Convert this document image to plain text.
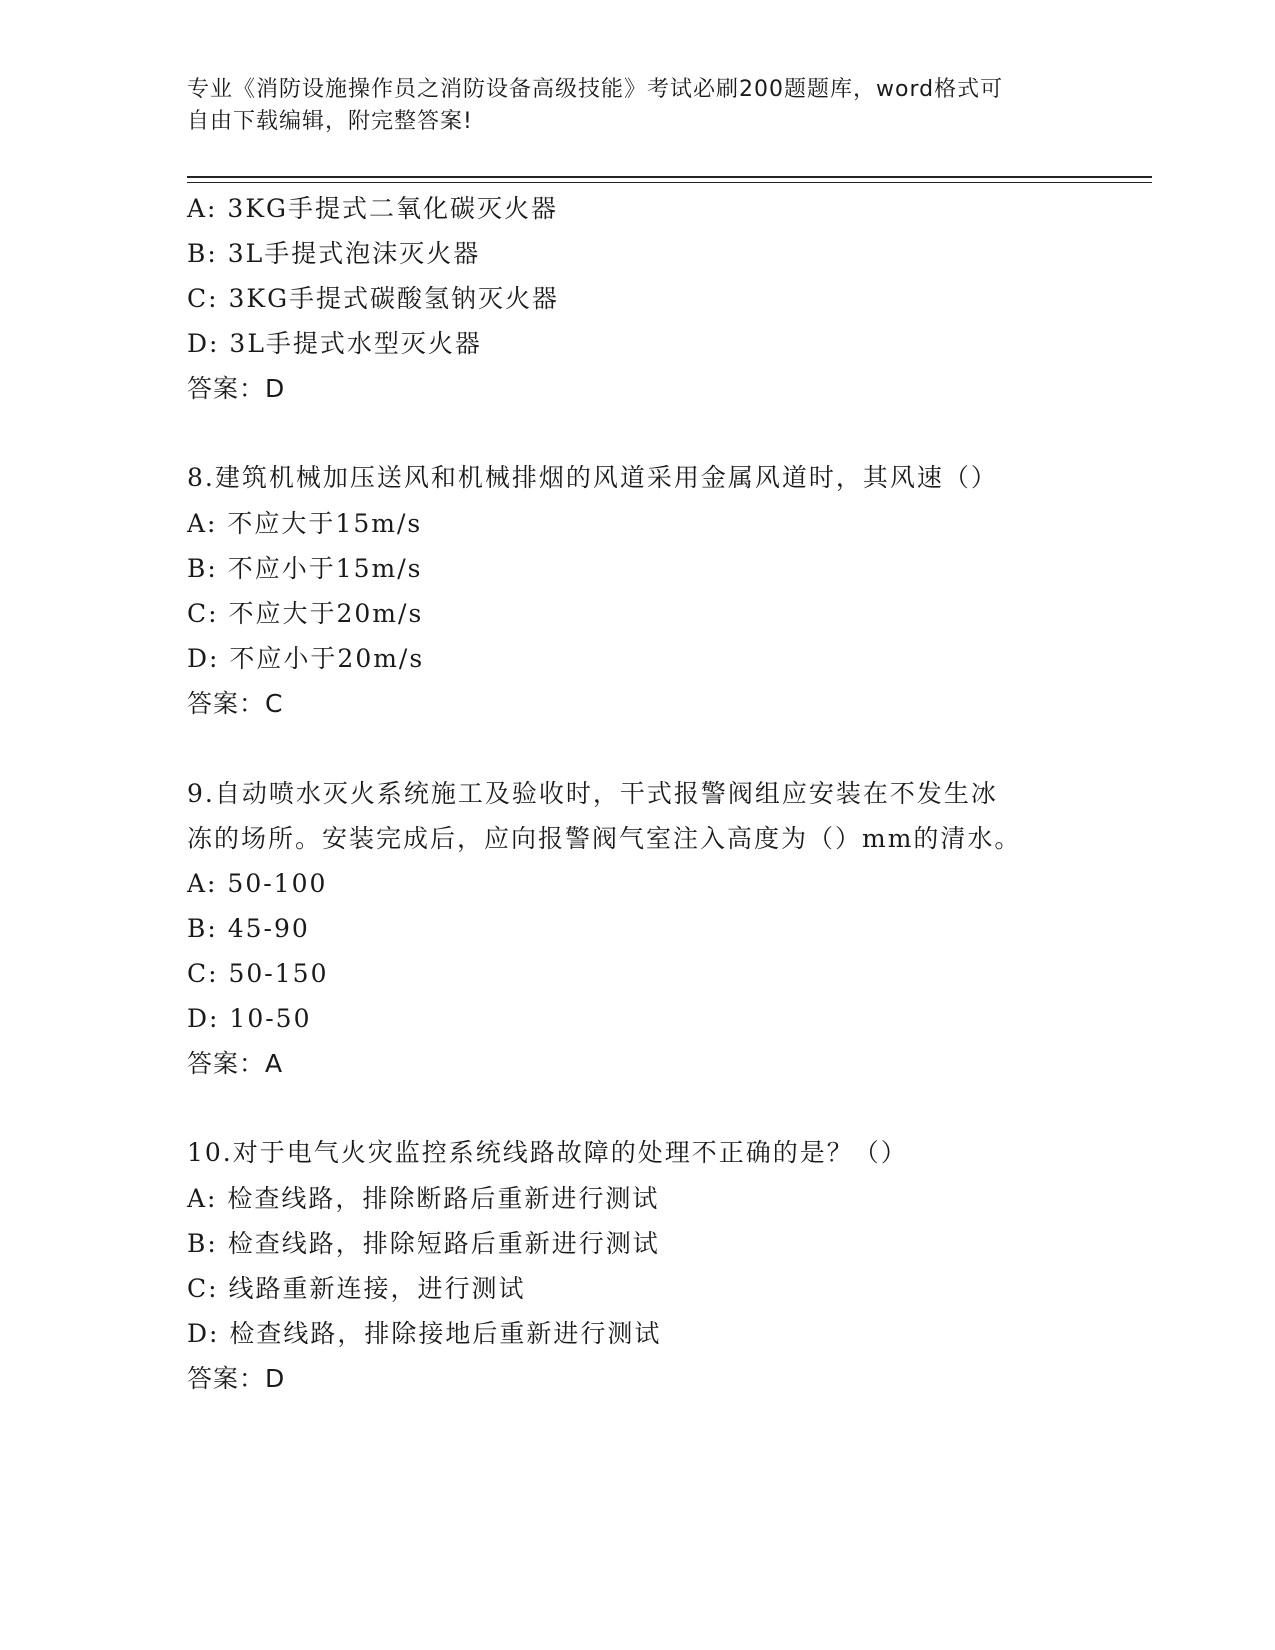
专业《消防设施操作员之消防设备高级技能》考试必刷200题题库，word格式可
自由下载编辑，附完整答案!
A: 3KG手提式二氧化碳灭火器
B: 3L手提式泡沫灭火器
C: 3KG手提式碳酸氢钠灭火器
D: 3L手提式水型灭火器
答案：D
8.建筑机械加压送风和机械排烟的风道采用金属风道时，其风速（）
A: 不应大于15m/s
B: 不应小于15m/s
C: 不应大于20m/s
D: 不应小于20m/s
答案：C
9.自动喷水灭火系统施工及验收时，干式报警阀组应安装在不发生冰
冻的场所。安装完成后，应向报警阀气室注入高度为（）mm的清水。
A: 50-100
B: 45-90
C: 50-150
D: 10-50
答案：A
10.对于电气火灾监控系统线路故障的处理不正确的是？（）
A: 检查线路，排除断路后重新进行测试
B: 检查线路，排除短路后重新进行测试
C: 线路重新连接，进行测试
D: 检查线路，排除接地后重新进行测试
答案：D
